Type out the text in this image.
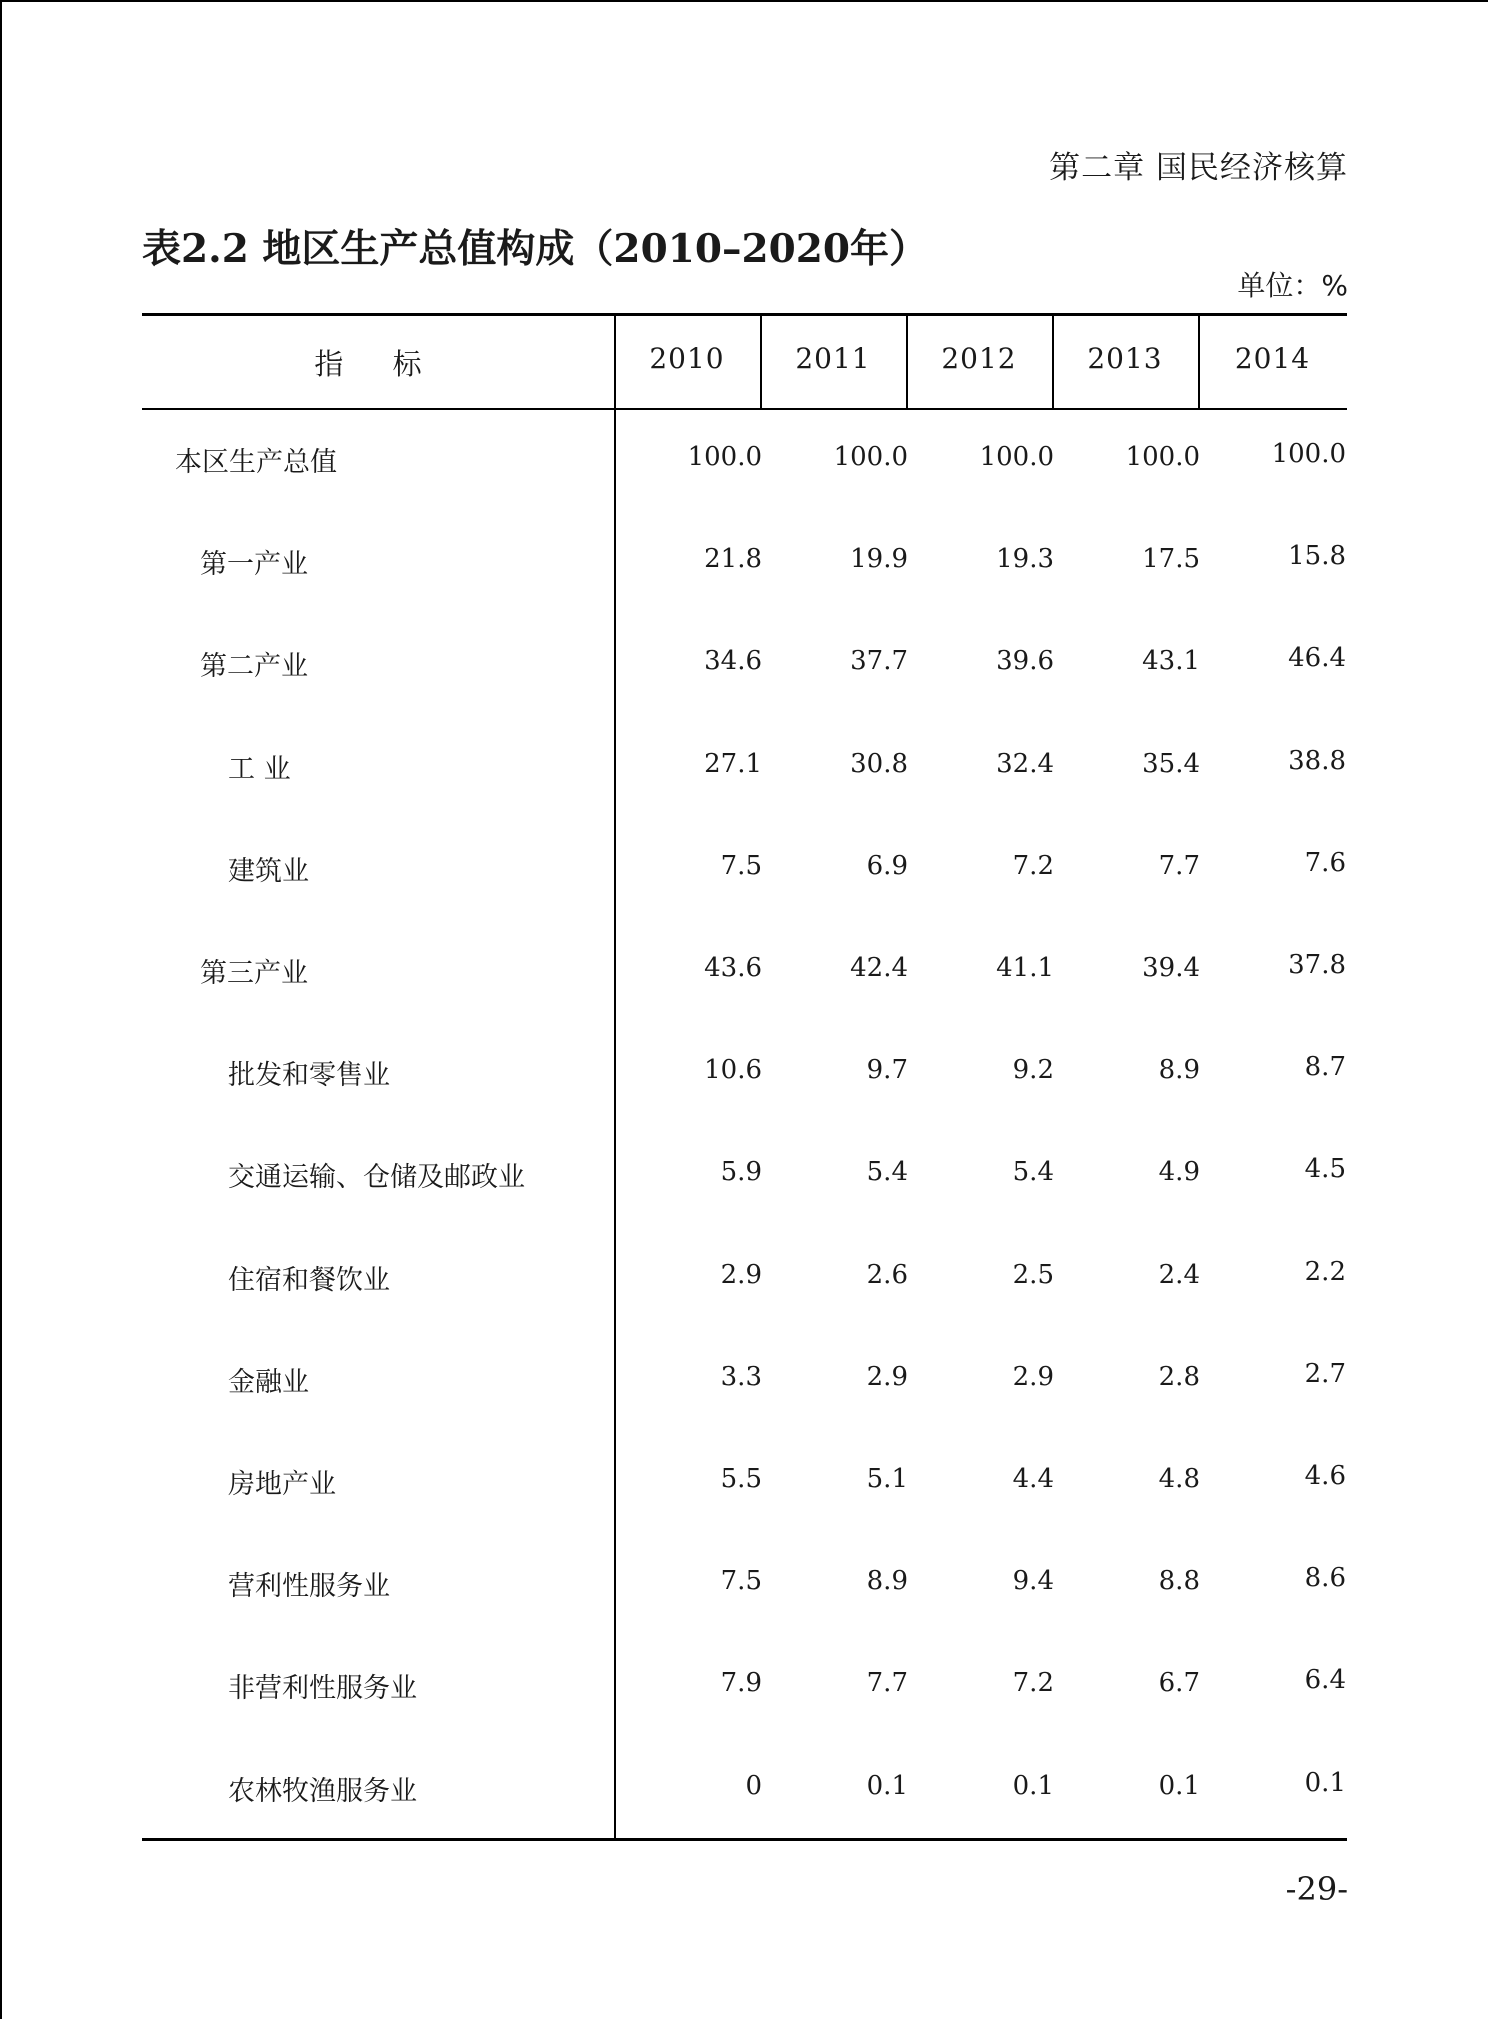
第二章 国民经济核算
表2.2 地区生产总值构成（2010–2020年）
单位：%
指 标	2010	2011	2012	2013	2014
本区生产总值	100.0	100.0	100.0	100.0	100.0
第一产业	21.8	19.9	19.3	17.5	15.8
第二产业	34.6	37.7	39.6	43.1	46.4
工 业	27.1	30.8	32.4	35.4	38.8
建筑业	7.5	6.9	7.2	7.7	7.6
第三产业	43.6	42.4	41.1	39.4	37.8
批发和零售业	10.6	9.7	9.2	8.9	8.7
交通运输、仓储及邮政业	5.9	5.4	5.4	4.9	4.5
住宿和餐饮业	2.9	2.6	2.5	2.4	2.2
金融业	3.3	2.9	2.9	2.8	2.7
房地产业	5.5	5.1	4.4	4.8	4.6
营利性服务业	7.5	8.9	9.4	8.8	8.6
非营利性服务业	7.9	7.7	7.2	6.7	6.4
农林牧渔服务业	0	0.1	0.1	0.1	0.1
-29-
